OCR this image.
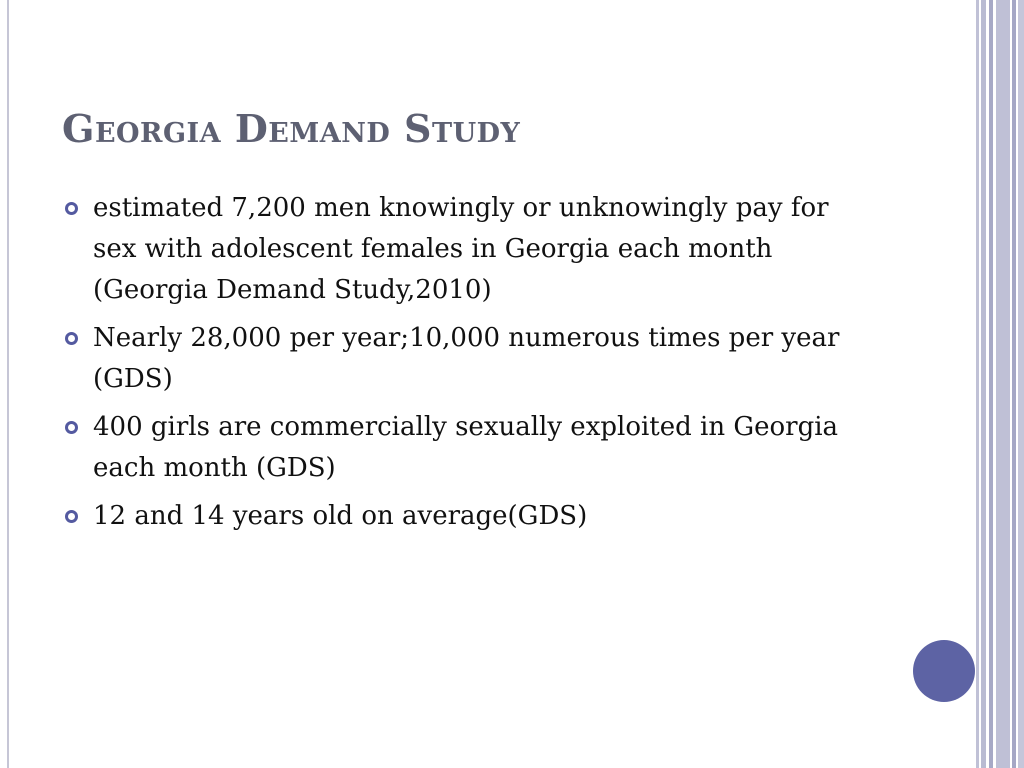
Georgia Demand Study
estimated 7,200 men knowingly or unknowingly pay for sex with adolescent females in Georgia each month (Georgia Demand Study,2010)
Nearly 28,000 per year;10,000 numerous times per year (GDS)
400 girls are commercially sexually exploited in Georgia each month (GDS)
12 and 14 years old on average(GDS)
